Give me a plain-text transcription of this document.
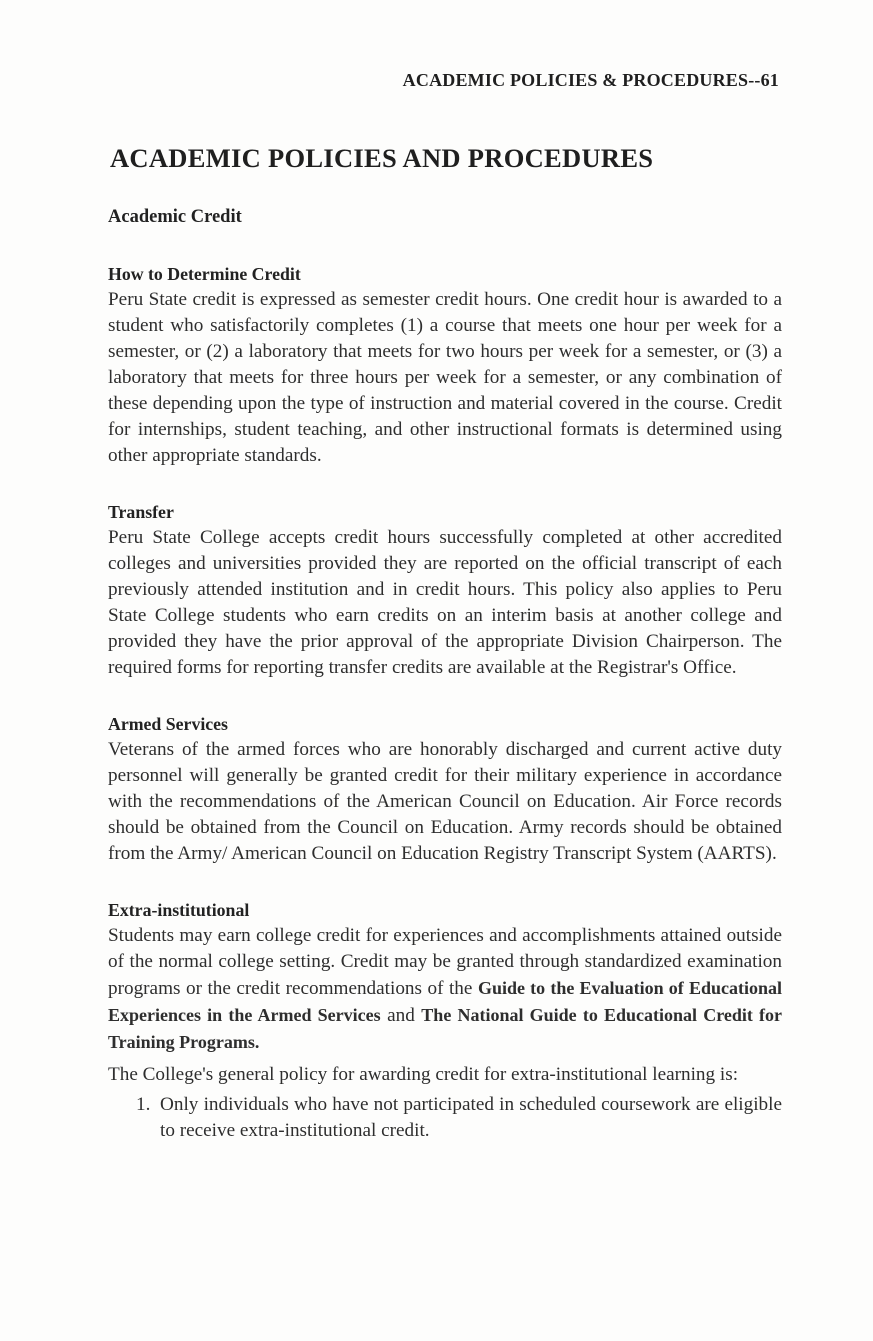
ACADEMIC POLICIES & PROCEDURES--61
ACADEMIC POLICIES AND PROCEDURES
Academic Credit
How to Determine Credit

Peru State credit is expressed as semester credit hours. One credit hour is awarded to a student who satisfactorily completes (1) a course that meets one hour per week for a semester, or (2) a laboratory that meets for two hours per week for a semester, or (3) a laboratory that meets for three hours per week for a semester, or any combination of these depending upon the type of instruction and material covered in the course. Credit for internships, student teaching, and other instructional formats is determined using other appropriate standards.

Transfer

Peru State College accepts credit hours successfully completed at other accredited colleges and universities provided they are reported on the official transcript of each previously attended institution and in credit hours. This policy also applies to Peru State College students who earn credits on an interim basis at another college and provided they have the prior approval of the appropriate Division Chairperson. The required forms for reporting transfer credits are available at the Registrar's Office.

Armed Services

Veterans of the armed forces who are honorably discharged and current active duty personnel will generally be granted credit for their military experience in accordance with the recommendations of the American Council on Education. Air Force records should be obtained from the Council on Education. Army records should be obtained from the Army/ American Council on Education Registry Transcript System (AARTS).

Extra-institutional

Students may earn college credit for experiences and accomplishments attained outside of the normal college setting. Credit may be granted through standardized examination programs or the credit recommendations of the Guide to the Evaluation of Educational Experiences in the Armed Services and The National Guide to Educational Credit for Training Programs.

The College's general policy for awarding credit for extra-institutional learning is:

1. Only individuals who have not participated in scheduled coursework are eligible to receive extra-institutional credit.
